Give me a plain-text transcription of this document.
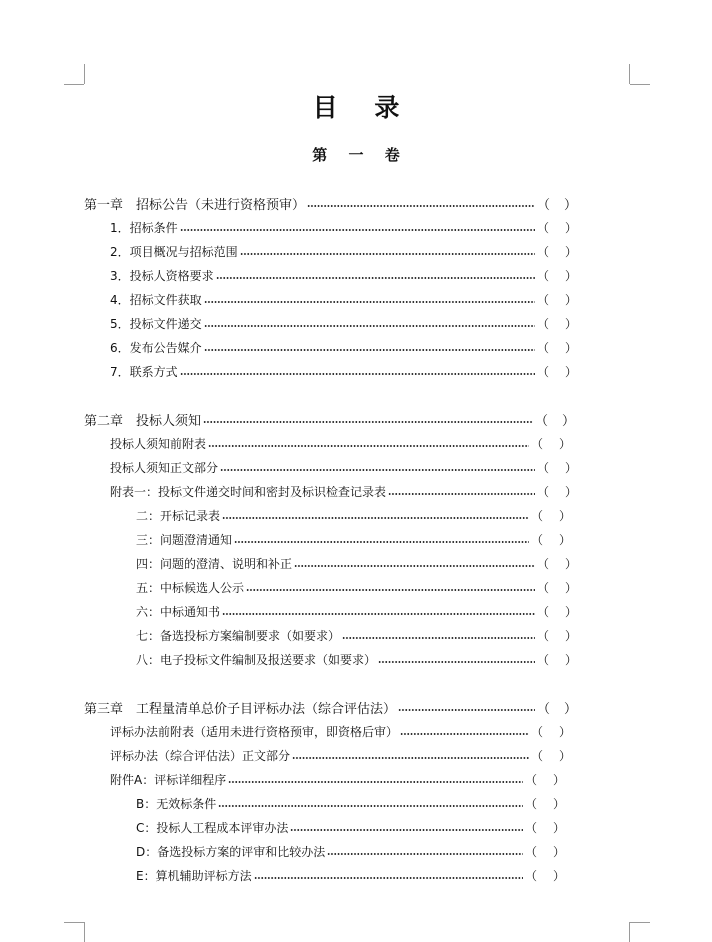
目 录
第 一 卷
第一章　招标公告（未进行资格预审）	（ ）
1．招标条件	（ ）
2．项目概况与招标范围	（ ）
3．投标人资格要求	（ ）
4．招标文件获取	（ ）
5．投标文件递交	（ ）
6．发布公告媒介	（ ）
7．联系方式	（ ）
第二章　投标人须知	（ ）
投标人须知前附表	（ ）
投标人须知正文部分	（ ）
附表一：投标文件递交时间和密封及标识检查记录表	（ ）
二：开标记录表	（ ）
三：问题澄清通知	（ ）
四：问题的澄清、说明和补正	（ ）
五：中标候选人公示	（ ）
六：中标通知书	（ ）
七：备选投标方案编制要求（如要求）	（ ）
八：电子投标文件编制及报送要求（如要求）	（ ）
第三章　工程量清单总价子目评标办法（综合评估法）	（ ）
评标办法前附表（适用未进行资格预审，即资格后审）	（ ）
评标办法（综合评估法）正文部分	（ ）
附件A：评标详细程序	（ ）
B：无效标条件	（ ）
C：投标人工程成本评审办法	（ ）
D：备选投标方案的评审和比较办法	（ ）
E：算机辅助评标方法	（ ）
